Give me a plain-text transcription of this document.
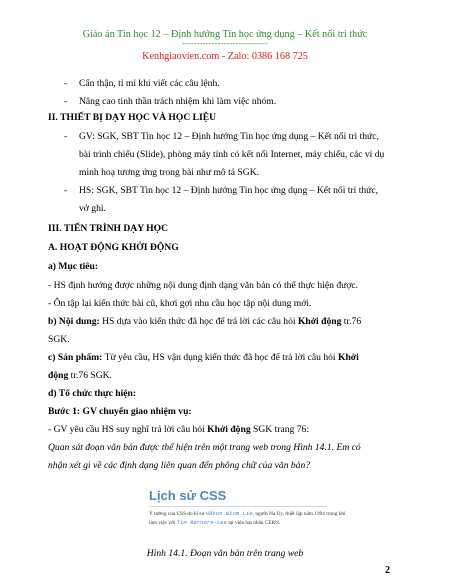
Giáo án Tin học 12 – Định hướng Tin học ứng dụng – Kết nối tri thức
-----------------------------
Kenhgiaovien.com - Zalo: 0386 168 725
- Cẩn thận, tỉ mỉ khi viết các câu lệnh.
- Nâng cao tinh thần trách nhiệm khi làm việc nhóm.
II. THIẾT BỊ DẠY HỌC VÀ HỌC LIỆU
- GV: SGK, SBT Tin học 12 – Định hướng Tin học ứng dụng – Kết nối tri thức,
bài trình chiếu (Slide), phòng máy tính có kết nối Internet, máy chiếu, các ví dụ
minh hoạ tương ứng trong bài như mô tả SGK.
- HS: SGK, SBT Tin học 12 – Định hướng Tin học ứng dụng – Kết nối tri thức,
vở ghi.
III. TIẾN TRÌNH DẠY HỌC
A. HOẠT ĐỘNG KHỞI ĐỘNG
a) Mục tiêu:
- HS định hướng được những nội dung định dạng văn bản có thể thực hiện được.
- Ôn tập lại kiến thức bài cũ, khơi gợi nhu cầu học tập nội dung mới.
b) Nội dung: HS dựa vào kiến thức đã học để trả lời các câu hỏi Khởi động tr.76
SGK.
c) Sản phẩm: Từ yêu cầu, HS vận dụng kiến thức đã học để trả lời câu hỏi Khởi
động tr.76 SGK.
d) Tổ chức thực hiện:
Bước 1: GV chuyển giao nhiệm vụ:
- GV yêu cầu HS suy nghĩ trả lời câu hỏi Khởi động SGK trang 76:
Quan sát đoạn văn bản được thể hiện trên một trang web trong Hình 14.1. Em có
nhận xét gì về các định dạng liên quan đến phông chữ của văn bản?
Lịch sử CSS
Ý tưởng của CSS do kĩ sư Håkon Wium Lie, người Na Uy, thiết lập năm 1994 trong khi
làm việc với Tim Berners-Lee tại viện hạt nhân CERN.
Hình 14.1. Đoạn văn bản trên trang web
2
